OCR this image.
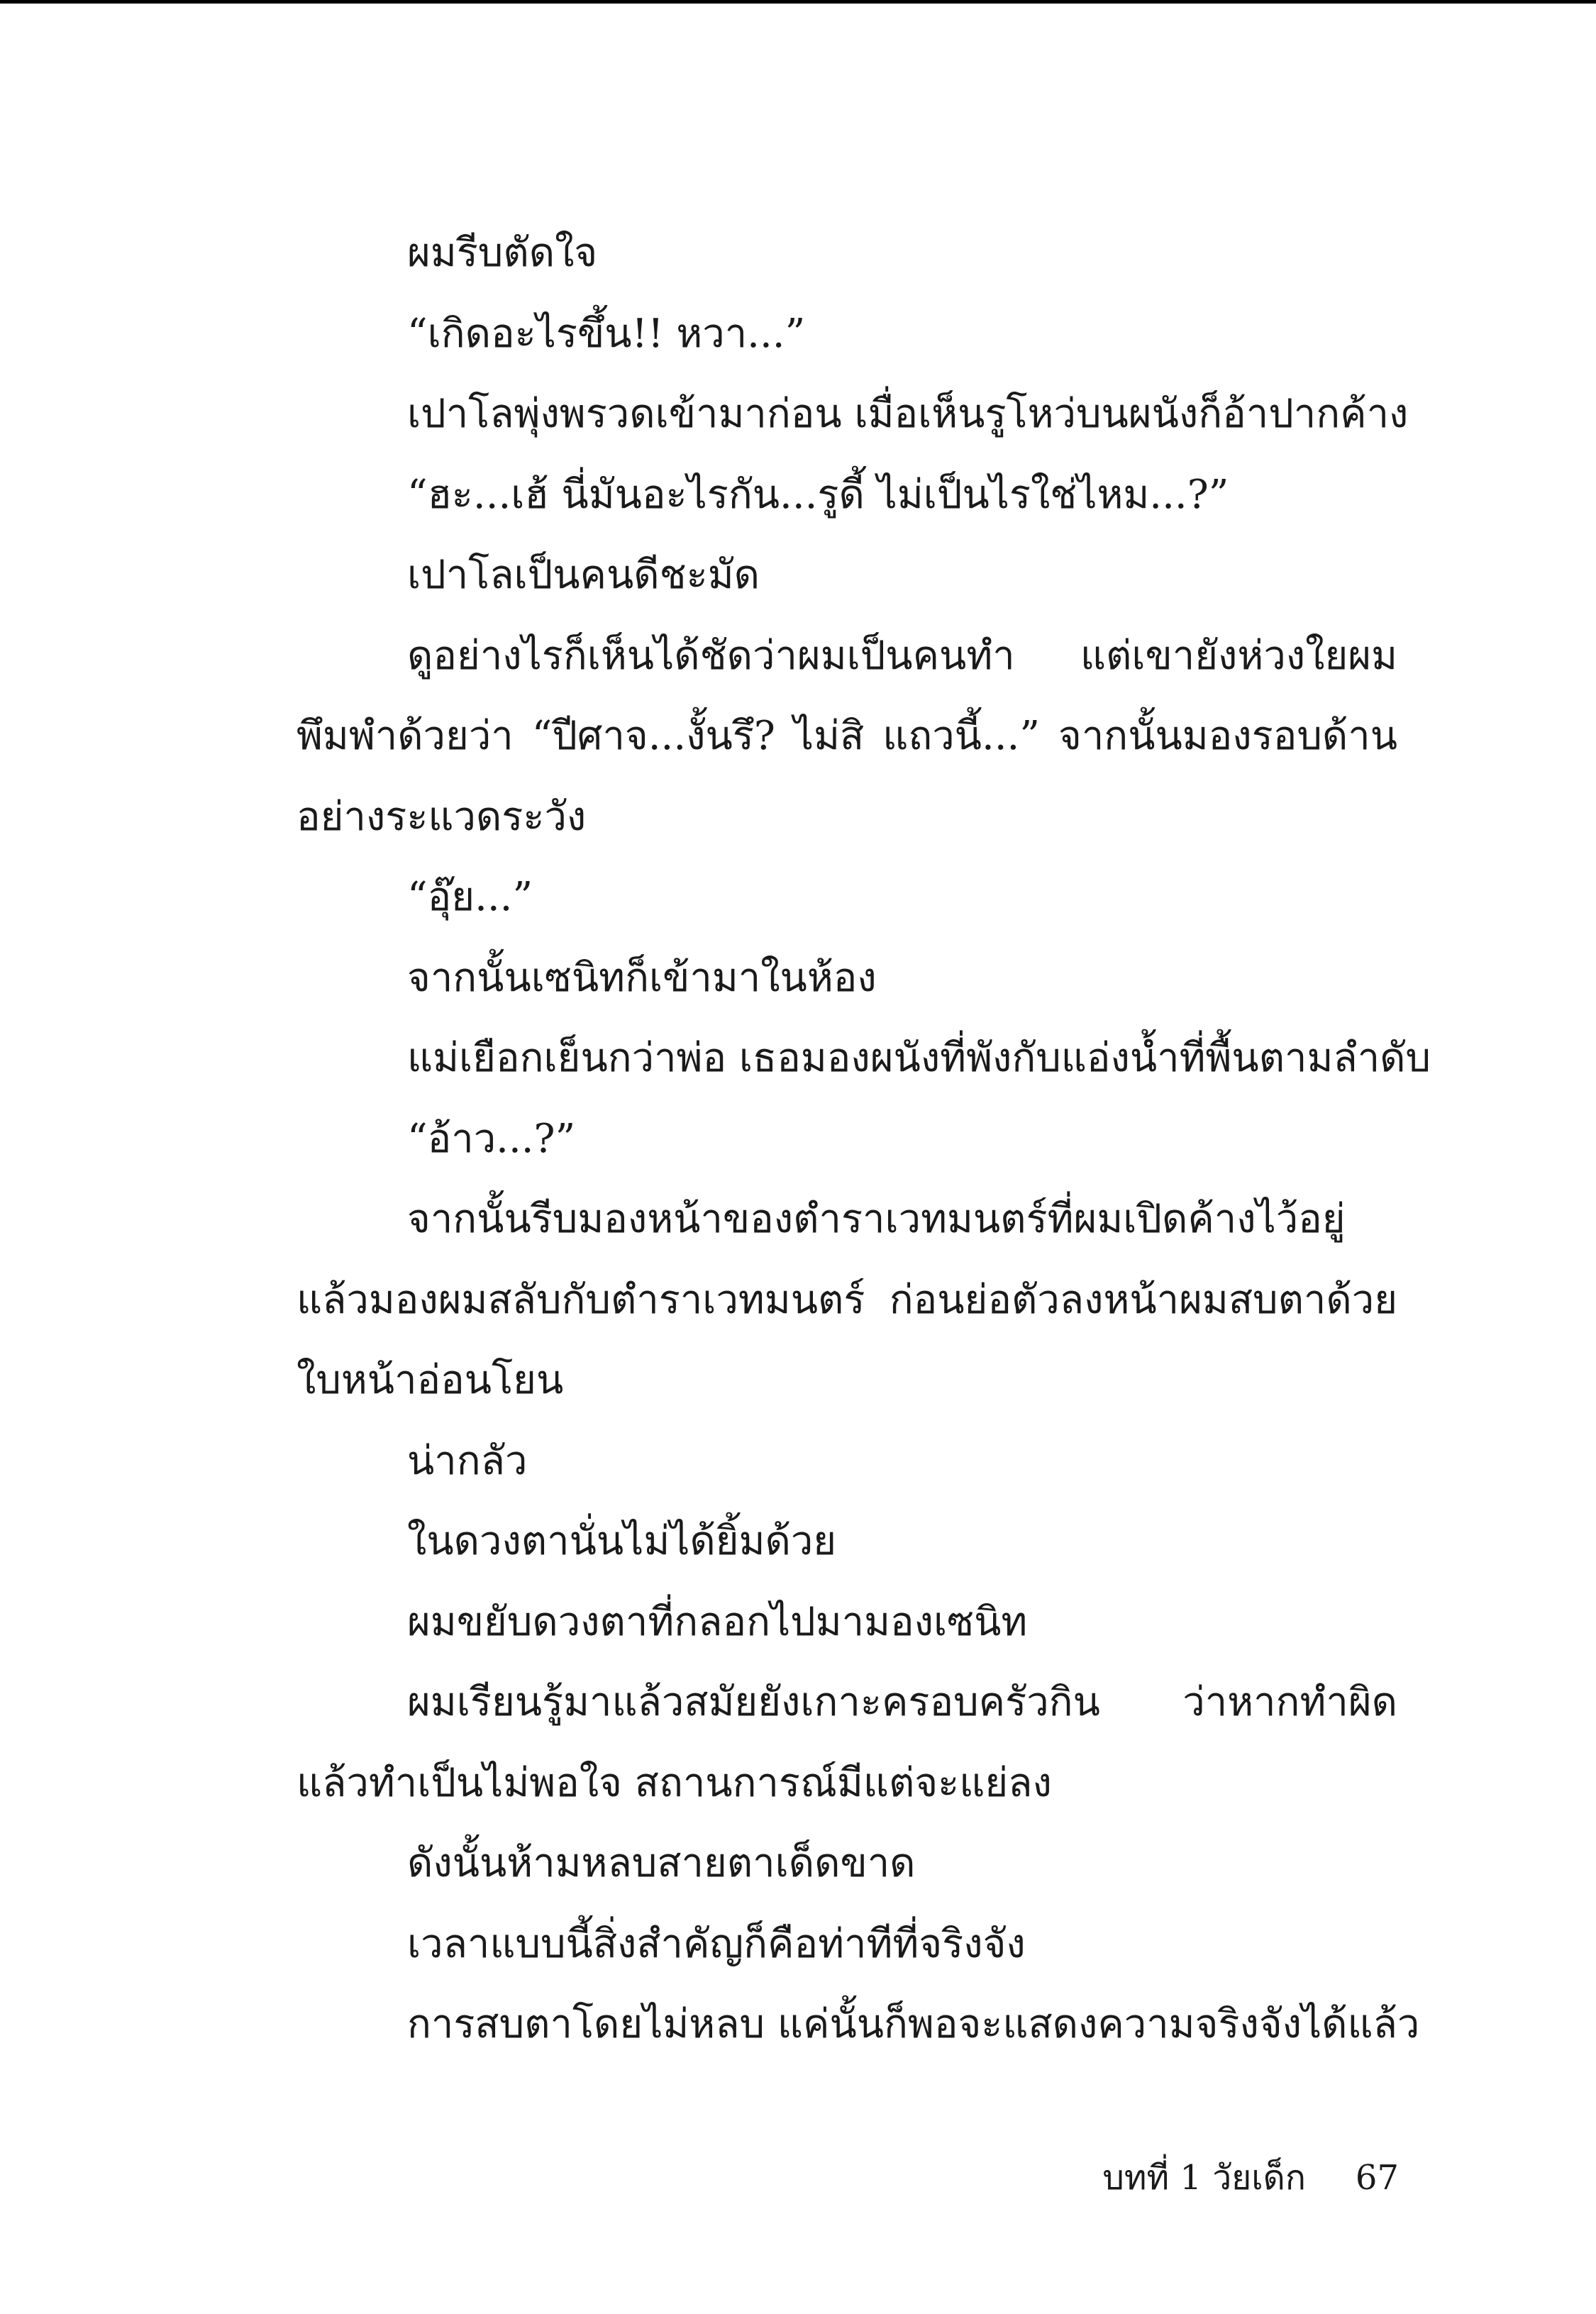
ผมรีบตัดใจ

“เกิดอะไรขึ้น!! หวา...”

เปาโลพุ่งพรวดเข้ามาก่อน เมื่อเห็นรูโหว่บนผนังก็อ้าปากค้าง

“ฮะ...เฮ้ นี่มันอะไรกัน...รูดี้ ไม่เป็นไรใช่ไหม...?”

เปาโลเป็นคนดีชะมัด

ดูอย่างไรก็เห็นได้ชัดว่าผมเป็นคนทำ แต่เขายังห่วงใยผม พึมพำด้วยว่า “ปีศาจ...งั้นรึ? ไม่สิ แถวนี้...” จากนั้นมองรอบด้านอย่างระแวดระวัง

“อุ๊ย...”

จากนั้นเซนิทก็เข้ามาในห้อง

แม่เยือกเย็นกว่าพ่อ เธอมองผนังที่พังกับแอ่งน้ำที่พื้นตามลำดับ

“อ้าว...?”

จากนั้นรีบมองหน้าของตำราเวทมนตร์ที่ผมเปิดค้างไว้อยู่ แล้วมองผมสลับกับตำราเวทมนตร์ ก่อนย่อตัวลงหน้าผมสบตาด้วยใบหน้าอ่อนโยน

น่ากลัว

ในดวงตานั่นไม่ได้ยิ้มด้วย

ผมขยับดวงตาที่กลอกไปมามองเซนิท

ผมเรียนรู้มาแล้วสมัยยังเกาะครอบครัวกิน ว่าหากทำผิดแล้วทำเป็นไม่พอใจ สถานการณ์มีแต่จะแย่ลง

ดังนั้นห้ามหลบสายตาเด็ดขาด

เวลาแบบนี้สิ่งสำคัญก็คือท่าทีที่จริงจัง

การสบตาโดยไม่หลบ แค่นั้นก็พอจะแสดงความจริงจังได้แล้ว

บทที่ 1 วัยเด็ก 67
